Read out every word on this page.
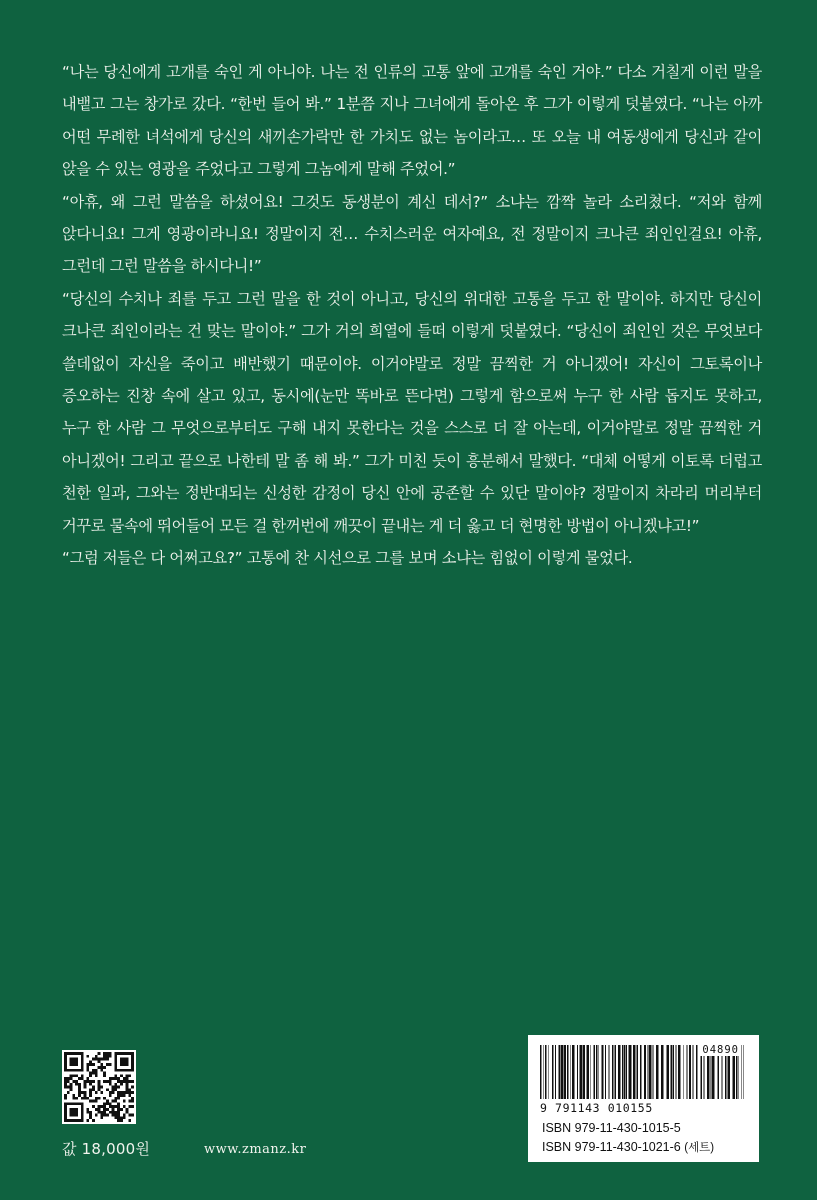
“나는 당신에게 고개를 숙인 게 아니야. 나는 전 인류의 고통 앞에 고개를 숙인 거야.” 다소 거칠게 이런 말을 내뱉고 그는 창가로 갔다. “한번 들어 봐.” 1분쯤 지나 그녀에게 돌아온 후 그가 이렇게 덧붙였다. “나는 아까 어떤 무례한 녀석에게 당신의 새끼손가락만 한 가치도 없는 놈이라고… 또 오늘 내 여동생에게 당신과 같이 앉을 수 있는 영광을 주었다고 그렇게 그놈에게 말해 주었어.”

“아휴, 왜 그런 말씀을 하셨어요! 그것도 동생분이 계신 데서?” 소냐는 깜짝 놀라 소리쳤다. “저와 함께 앉다니요! 그게 영광이라니요! 정말이지 전… 수치스러운 여자예요, 전 정말이지 크나큰 죄인인걸요! 아휴, 그런데 그런 말씀을 하시다니!”

“당신의 수치나 죄를 두고 그런 말을 한 것이 아니고, 당신의 위대한 고통을 두고 한 말이야. 하지만 당신이 크나큰 죄인이라는 건 맞는 말이야.” 그가 거의 희열에 들떠 이렇게 덧붙였다. “당신이 죄인인 것은 무엇보다 쓸데없이 자신을 죽이고 배반했기 때문이야. 이거야말로 정말 끔찍한 거 아니겠어! 자신이 그토록이나 증오하는 진창 속에 살고 있고, 동시에(눈만 똑바로 뜬다면) 그렇게 함으로써 누구 한 사람 돕지도 못하고, 누구 한 사람 그 무엇으로부터도 구해 내지 못한다는 것을 스스로 더 잘 아는데, 이거야말로 정말 끔찍한 거 아니겠어! 그리고 끝으로 나한테 말 좀 해 봐.” 그가 미친 듯이 흥분해서 말했다. “대체 어떻게 이토록 더럽고 천한 일과, 그와는 정반대되는 신성한 감정이 당신 안에 공존할 수 있단 말이야? 정말이지 차라리 머리부터 거꾸로 물속에 뛰어들어 모든 걸 한꺼번에 깨끗이 끝내는 게 더 옳고 더 현명한 방법이 아니겠냐고!”

“그럼 저들은 다 어쩌고요?” 고통에 찬 시선으로 그를 보며 소냐는 힘없이 이렇게 물었다.

값 18,000원	www.zmanz.kr
04890
9 791143 010155
ISBN 979-11-430-1015-5
ISBN 979-11-430-1021-6 (세트)
